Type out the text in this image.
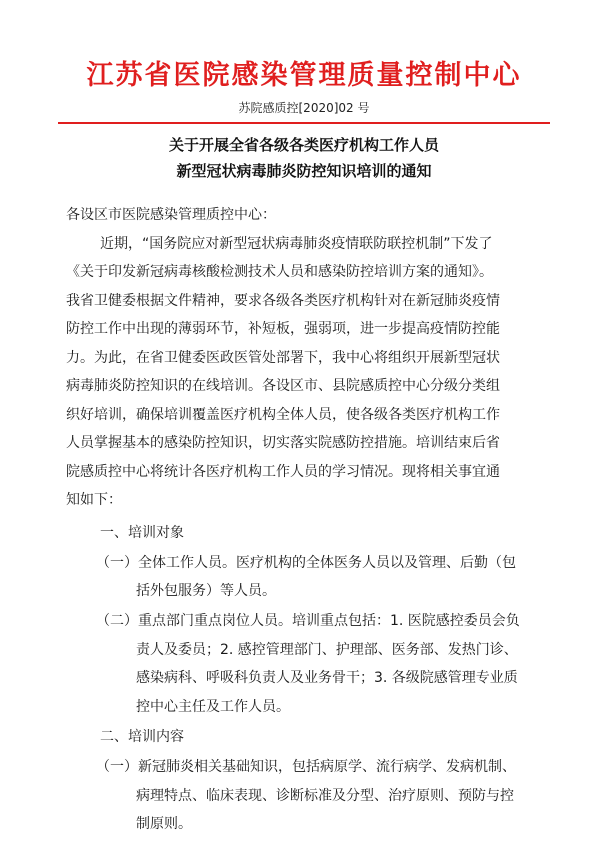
江苏省医院感染管理质量控制中心
苏院感质控[2020]02 号
关于开展全省各级各类医疗机构工作人员
新型冠状病毒肺炎防控知识培训的通知
各设区市医院感染管理质控中心：
近期，“国务院应对新型冠状病毒肺炎疫情联防联控机制”下发了
《关于印发新冠病毒核酸检测技术人员和感染防控培训方案的通知》。
我省卫健委根据文件精神，要求各级各类医疗机构针对在新冠肺炎疫情
防控工作中出现的薄弱环节，补短板，强弱项，进一步提高疫情防控能
力。为此，在省卫健委医政医管处部署下，我中心将组织开展新型冠状
病毒肺炎防控知识的在线培训。各设区市、县院感质控中心分级分类组
织好培训，确保培训覆盖医疗机构全体人员，使各级各类医疗机构工作
人员掌握基本的感染防控知识，切实落实院感防控措施。培训结束后省
院感质控中心将统计各医疗机构工作人员的学习情况。现将相关事宜通
知如下：
一、培训对象
（一）全体工作人员。医疗机构的全体医务人员以及管理、后勤（包
括外包服务）等人员。
（二）重点部门重点岗位人员。培训重点包括：1. 医院感控委员会负
责人及委员；2. 感控管理部门、护理部、医务部、发热门诊、
感染病科、呼吸科负责人及业务骨干；3. 各级院感管理专业质
控中心主任及工作人员。
二、培训内容
（一）新冠肺炎相关基础知识，包括病原学、流行病学、发病机制、
病理特点、临床表现、诊断标准及分型、治疗原则、预防与控
制原则。
